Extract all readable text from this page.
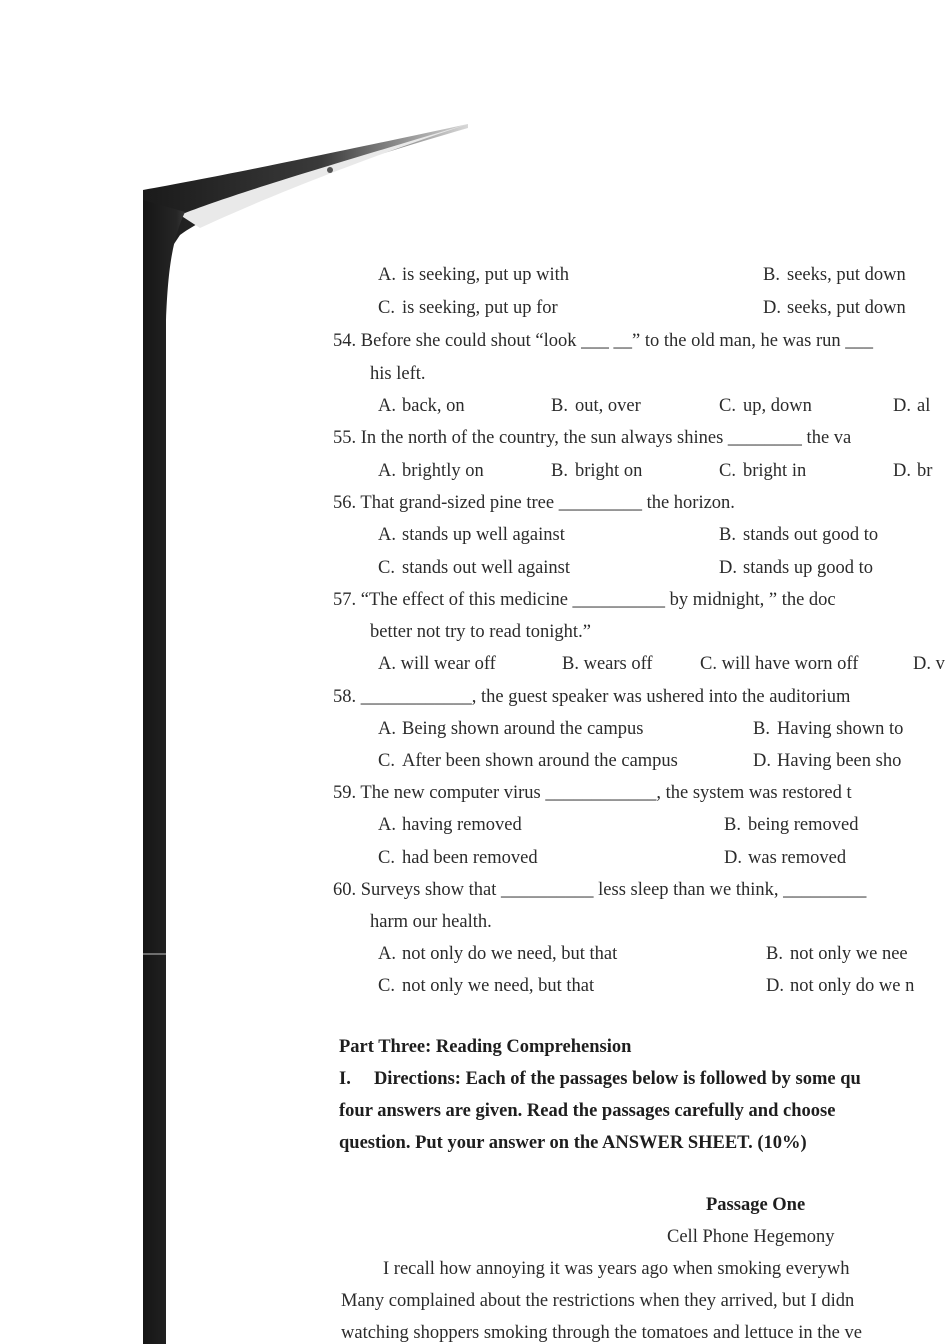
A. is seeking, put up with	B. seeks, put down
C. is seeking, put up for	D. seeks, put down
54. Before she could shout “look ___ __” to the old man, he was run ___
his left.
A. back, on	B. out, over	C. up, down	D. al
55. In the north of the country, the sun always shines ________ the va
A. brightly on	B. bright on	C. bright in	D. br
56. That grand-sized pine tree _________ the horizon.
A. stands up well against	B. stands out good to
C. stands out well against	D. stands up good to
57. “The effect of this medicine __________ by midnight, ” the doc
better not try to read tonight.”
A. will wear off	B. wears off	C. will have worn off	D. v
58. ____________, the guest speaker was ushered into the auditorium
A. Being shown around the campus	B. Having shown to
C. After been shown around the campus	D. Having been sho
59. The new computer virus ____________, the system was restored t
A. having removed	B. being removed
C. had been removed	D. was removed
60. Surveys show that __________ less sleep than we think, _________
harm our health.
A. not only do we need, but that	B. not only we nee
C. not only we need, but that	D. not only do we n
Part Three: Reading Comprehension
I.     Directions: Each of the passages below is followed by some qu
four answers are given. Read the passages carefully and choose
question. Put your answer on the ANSWER SHEET. (10%)
Passage One
Cell Phone Hegemony
I recall how annoying it was years ago when smoking everywh
Many complained about the restrictions when they arrived, but I didn
watching shoppers smoking through the tomatoes and lettuce in the ve
